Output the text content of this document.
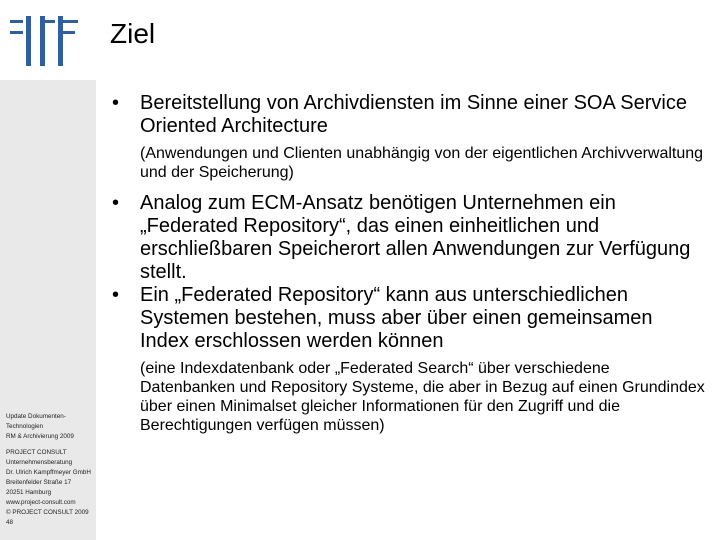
Ziel
• Bereitstellung von Archivdiensten im Sinne einer SOA Service Oriented Architecture
(Anwendungen und Clienten unabhängig von der eigentlichen Archivverwaltung und der Speicherung)
• Analog zum ECM-Ansatz benötigen Unternehmen ein „Federated Repository“, das einen einheitlichen und erschließbaren Speicherort allen Anwendungen zur Verfügung stellt.
• Ein „Federated Repository“ kann aus unterschiedlichen Systemen bestehen, muss aber über einen gemeinsamen Index erschlossen werden können
(eine Indexdatenbank oder „Federated Search“ über verschiedene Datenbanken und Repository Systeme, die aber in Bezug auf einen Grundindex über einen Minimalset gleicher Informationen für den Zugriff und die Berechtigungen verfügen müssen)
Update Dokumenten-
Technologien
RM & Archivierung 2009
PROJECT CONSULT
Unternehmensberatung
Dr. Ulrich Kampffmeyer GmbH
Breitenfelder Straße 17
20251 Hamburg
www.project-consult.com
© PROJECT CONSULT 2009
48
